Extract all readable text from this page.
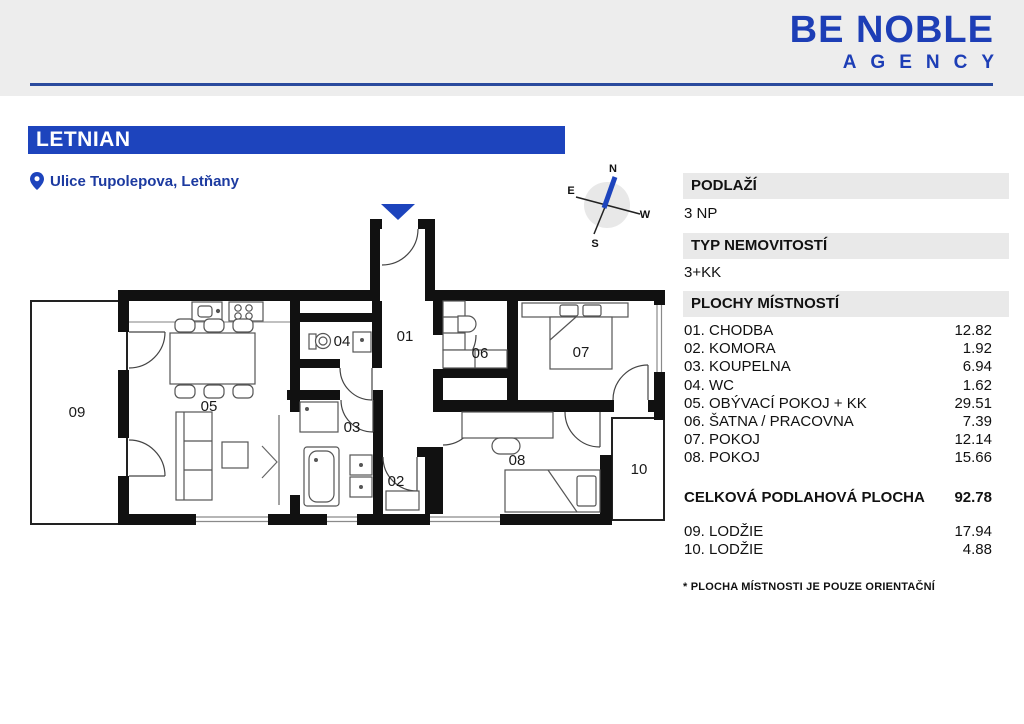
BE NOBLE
AGENCY
LETNIAN
Ulice Tupolepova, Letňany
N
E
W
S
01
02
03
04
05
06	07
08
09
10
PODLAŽÍ
3 NP
TYP NEMOVITOSTÍ
3+KK
PLOCHY MÍSTNOSTÍ
01. CHODBA	12.82
02. KOMORA	1.92
03. KOUPELNA	6.94
04. WC	1.62
05. OBÝVACÍ POKOJ + KK	29.51
06. ŠATNA / PRACOVNA	7.39
07. POKOJ	12.14
08. POKOJ	15.66
CELKOVÁ PODLAHOVÁ PLOCHA 92.78
09. LODŽIE	17.94
10. LODŽIE	4.88
* PLOCHA MÍSTNOSTI JE POUZE ORIENTAČNÍ
